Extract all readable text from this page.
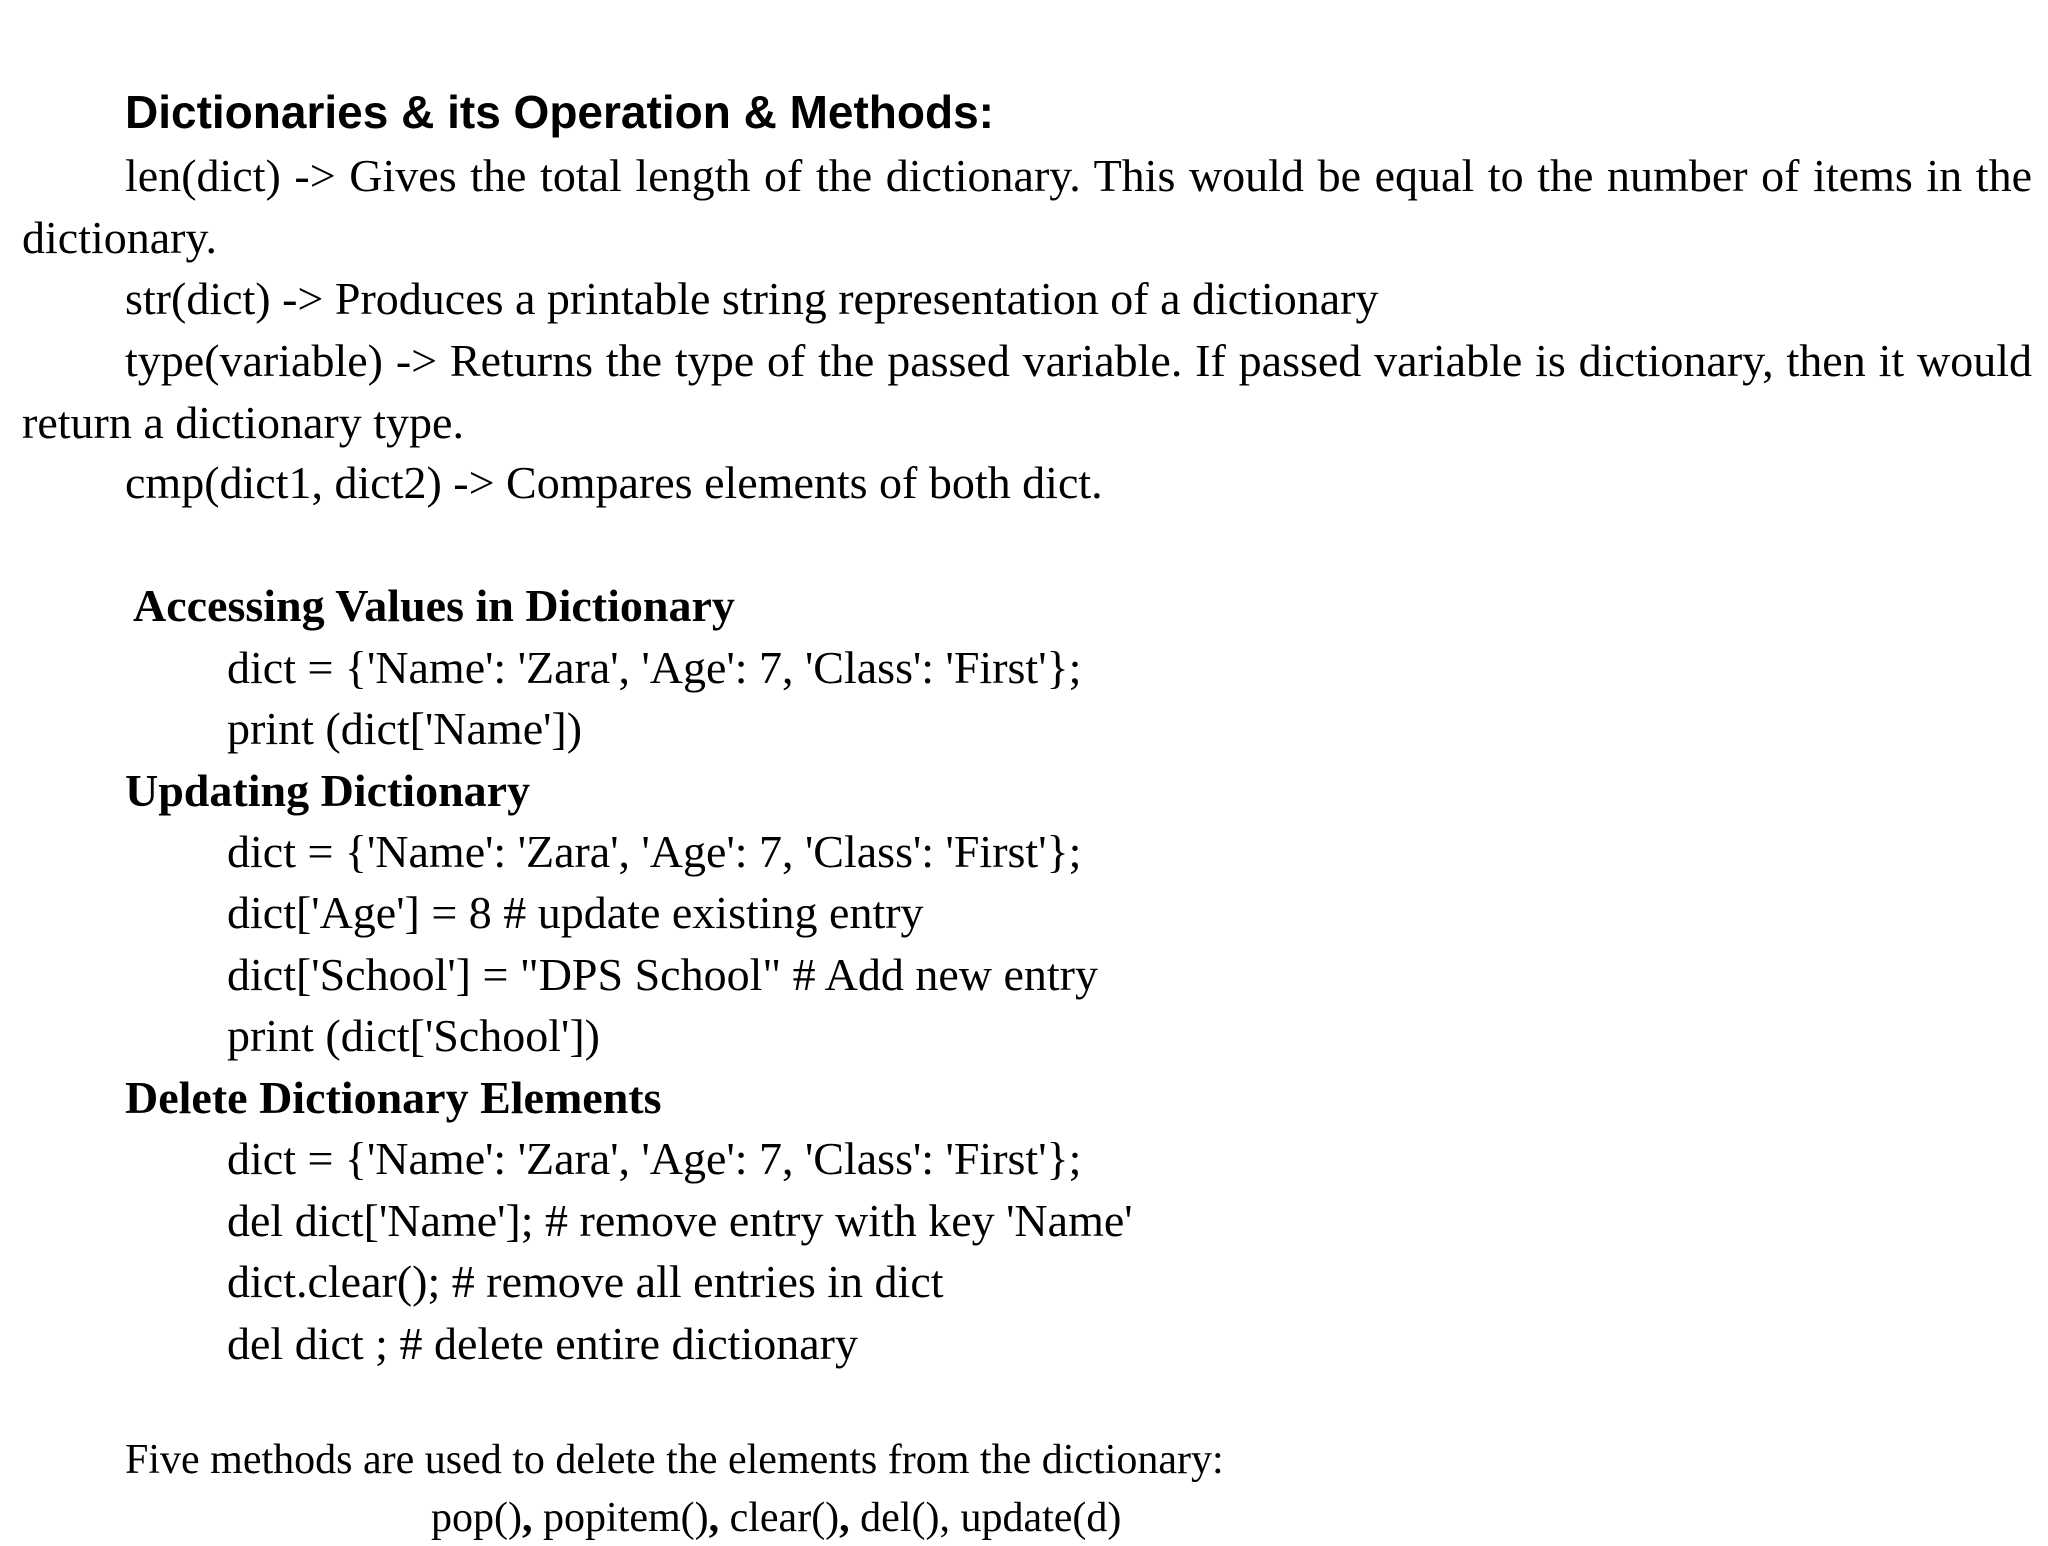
Dictionaries & its Operation & Methods:
len(dict) -> Gives the total length of the dictionary. This would be equal to the number of items in the dictionary.
str(dict) -> Produces a printable string representation of a dictionary
type(variable) -> Returns the type of the passed variable. If passed variable is dictionary, then it would return a dictionary type.
cmp(dict1, dict2) -> Compares elements of both dict.
Accessing Values in Dictionary
dict = {'Name': 'Zara', 'Age': 7, 'Class': 'First'};
print (dict['Name'])
Updating Dictionary
dict = {'Name': 'Zara', 'Age': 7, 'Class': 'First'};
dict['Age'] = 8 # update existing entry
dict['School'] = "DPS School" # Add new entry
print (dict['School'])
Delete Dictionary Elements
dict = {'Name': 'Zara', 'Age': 7, 'Class': 'First'};
del dict['Name']; # remove entry with key 'Name'
dict.clear(); # remove all entries in dict
del dict ; # delete entire dictionary
Five methods are used to delete the elements from the dictionary:
pop(), popitem(), clear(), del(), update(d)
